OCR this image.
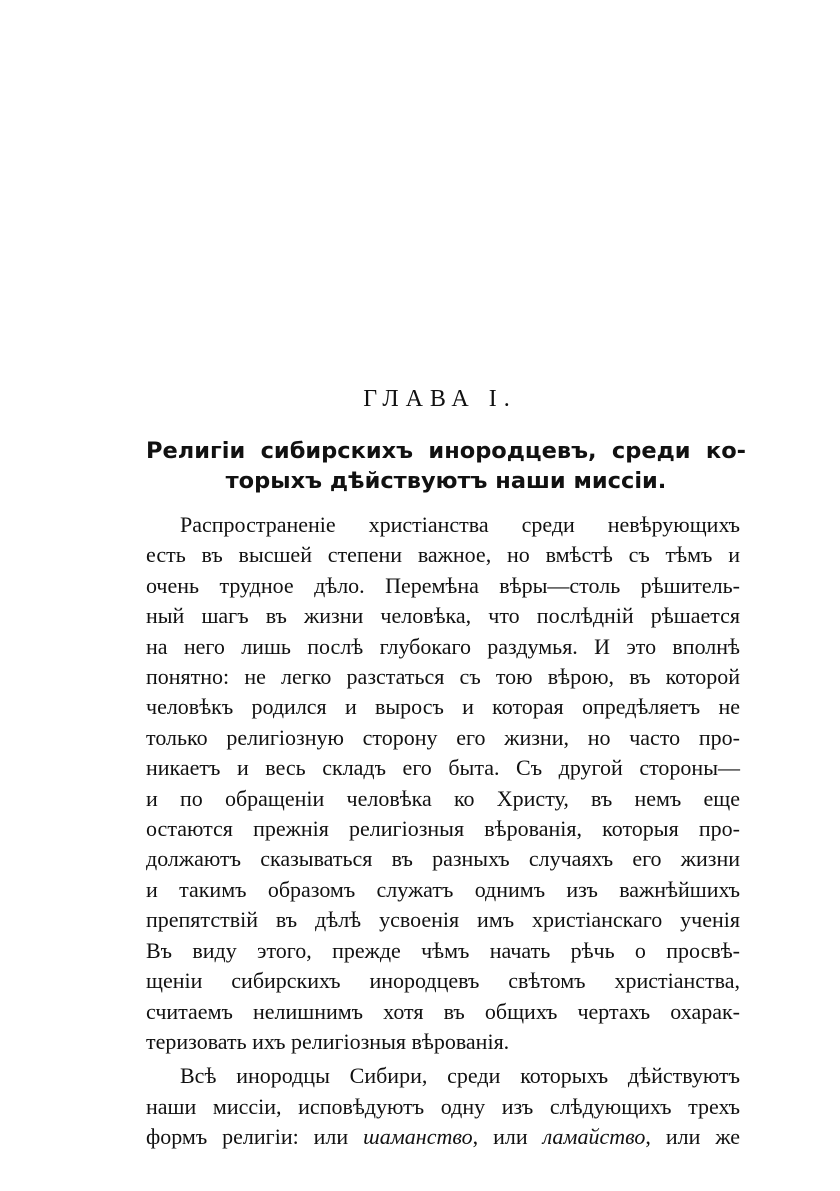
ГЛАВА I.
Религіи сибирскихъ инородцевъ, среди ко-
торыхъ дѣйствуютъ наши миссіи.
Распространеніе христіанства среди невѣрующихъ
есть въ высшей степени важное, но вмѣстѣ съ тѣмъ и
очень трудное дѣло. Перемѣна вѣры—столь рѣшитель-
ный шагъ въ жизни человѣка, что послѣдній рѣшается
на него лишь послѣ глубокаго раздумья. И это вполнѣ
понятно: не легко разстаться съ тою вѣрою, въ которой
человѣкъ родился и выросъ и которая опредѣляетъ не
только религіозную сторону его жизни, но часто про-
никаетъ и весь складъ его быта. Съ другой стороны—
и по обращеніи человѣка ко Христу, въ немъ еще
остаются прежнія религіозныя вѣрованія, которыя про-
должаютъ сказываться въ разныхъ случаяхъ его жизни
и такимъ образомъ служатъ однимъ изъ важнѣйшихъ
препятствій въ дѣлѣ усвоенія имъ христіанскаго ученія
Въ виду этого, прежде чѣмъ начать рѣчь о просвѣ-
щеніи сибирскихъ инородцевъ свѣтомъ христіанства,
считаемъ нелишнимъ хотя въ общихъ чертахъ охарак-
теризовать ихъ религіозныя вѣрованія.
Всѣ инородцы Сибири, среди которыхъ дѣйствуютъ
наши миссіи, исповѣдуютъ одну изъ слѣдующихъ трехъ
формъ религіи: или шаманство, или ламайство, или же
